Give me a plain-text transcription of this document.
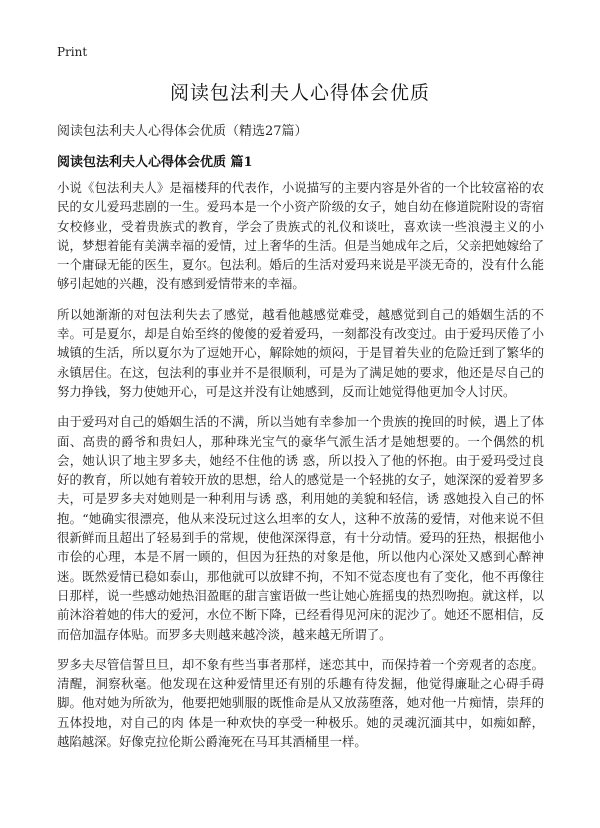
Print
阅读包法利夫人心得体会优质
阅读包法利夫人心得体会优质（精选27篇）
阅读包法利夫人心得体会优质 篇1

小说《包法利夫人》是福楼拜的代表作，小说描写的主要内容是外省的一个比较富裕的农民的女儿爱玛悲剧的一生。爱玛本是一个小资产阶级的女子，她自幼在修道院附设的寄宿女校修业，受着贵族式的教育，学会了贵族式的礼仪和谈吐，喜欢读一些浪漫主义的小说，梦想着能有美满幸福的爱情，过上奢华的生活。但是当她成年之后，父亲把她嫁给了一个庸碌无能的医生，夏尔。包法利。婚后的生活对爱玛来说是平淡无奇的，没有什么能够引起她的兴趣，没有感到爱情带来的幸福。

所以她渐渐的对包法利失去了感觉，越看他越感觉难受，越感觉到自己的婚姻生活的不幸。可是夏尔，却是自始至终的傻傻的爱着爱玛，一刻都没有改变过。由于爱玛厌倦了小城镇的生活，所以夏尔为了逗她开心，解除她的烦闷，于是冒着失业的危险迁到了繁华的永镇居住。在这，包法利的事业并不是很顺利，可是为了满足她的要求，他还是尽自己的努力挣钱，努力使她开心，可是这并没有让她感到，反而让她觉得他更加令人讨厌。

由于爱玛对自己的婚姻生活的不满，所以当她有幸参加一个贵族的挽回的时候，遇上了体面、高贵的爵爷和贵妇人，那种珠光宝气的豪华气派生活才是她想要的。一个偶然的机会，她认识了地主罗多夫，她经不住他的诱 惑，所以投入了他的怀抱。由于爱玛受过良好的教育，所以她有着较开放的思想，给人的感觉是一个轻挑的女子，她深深的爱着罗多夫，可是罗多夫对她则是一种利用与诱 惑，利用她的美貌和轻信，诱 惑她投入自己的怀抱。“她确实很漂亮，他从来没玩过这么坦率的女人，这种不放荡的爱情，对他来说不但很新鲜而且超出了轻易到手的常规，使他深深得意，有十分动情。爱玛的狂热，根据他小市侩的心理，本是不屑一顾的，但因为狂热的对象是他，所以他内心深处又感到心醉神迷。既然爱情已稳如泰山，那他就可以放肆不拘，不知不觉态度也有了变化，他不再像往日那样，说一些感动她热泪盈眶的甜言蜜语做一些让她心旌摇曳的热烈吻抱。就这样，以前沐浴着她的伟大的爱河，水位不断下降，已经看得见河床的泥沙了。她还不愿相信，反而倍加温存体贴。而罗多夫则越来越冷淡，越来越无所谓了。

罗多夫尽管信誓旦旦，却不象有些当事者那样，迷恋其中，而保持着一个旁观者的态度。清醒，洞察秋毫。他发现在这种爱情里还有别的乐趣有待发掘，他觉得廉耻之心碍手碍脚。他对她为所欲为，他要把她驯服的既惟命是从又放荡堕落，她对他一片痴情，崇拜的五体投地，对自己的肉 体是一种欢快的享受一种极乐。她的灵魂沉湎其中，如痴如醉，越陷越深。好像克拉伦斯公爵淹死在马耳其酒桶里一样。
